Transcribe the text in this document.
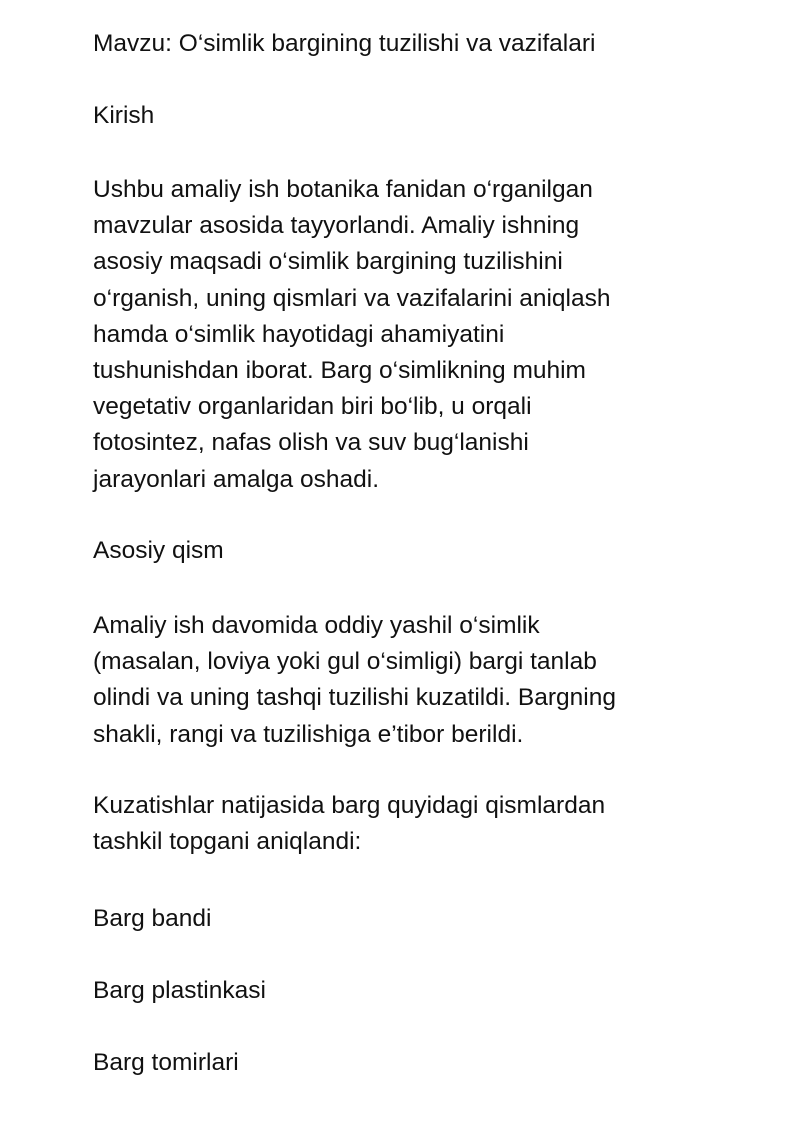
Mavzu: O‘simlik bargining tuzilishi va vazifalari
Kirish
Ushbu amaliy ish botanika fanidan o‘rganilgan
mavzular asosida tayyorlandi. Amaliy ishning
asosiy maqsadi o‘simlik bargining tuzilishini
o‘rganish, uning qismlari va vazifalarini aniqlash
hamda o‘simlik hayotidagi ahamiyatini
tushunishdan iborat. Barg o‘simlikning muhim
vegetativ organlaridan biri bo‘lib, u orqali
fotosintez, nafas olish va suv bug‘lanishi
jarayonlari amalga oshadi.
Asosiy qism
Amaliy ish davomida oddiy yashil o‘simlik
(masalan, loviya yoki gul o‘simligi) bargi tanlab
olindi va uning tashqi tuzilishi kuzatildi. Bargning
shakli, rangi va tuzilishiga e’tibor berildi.
Kuzatishlar natijasida barg quyidagi qismlardan
tashkil topgani aniqlandi:
Barg bandi
Barg plastinkasi
Barg tomirlari
